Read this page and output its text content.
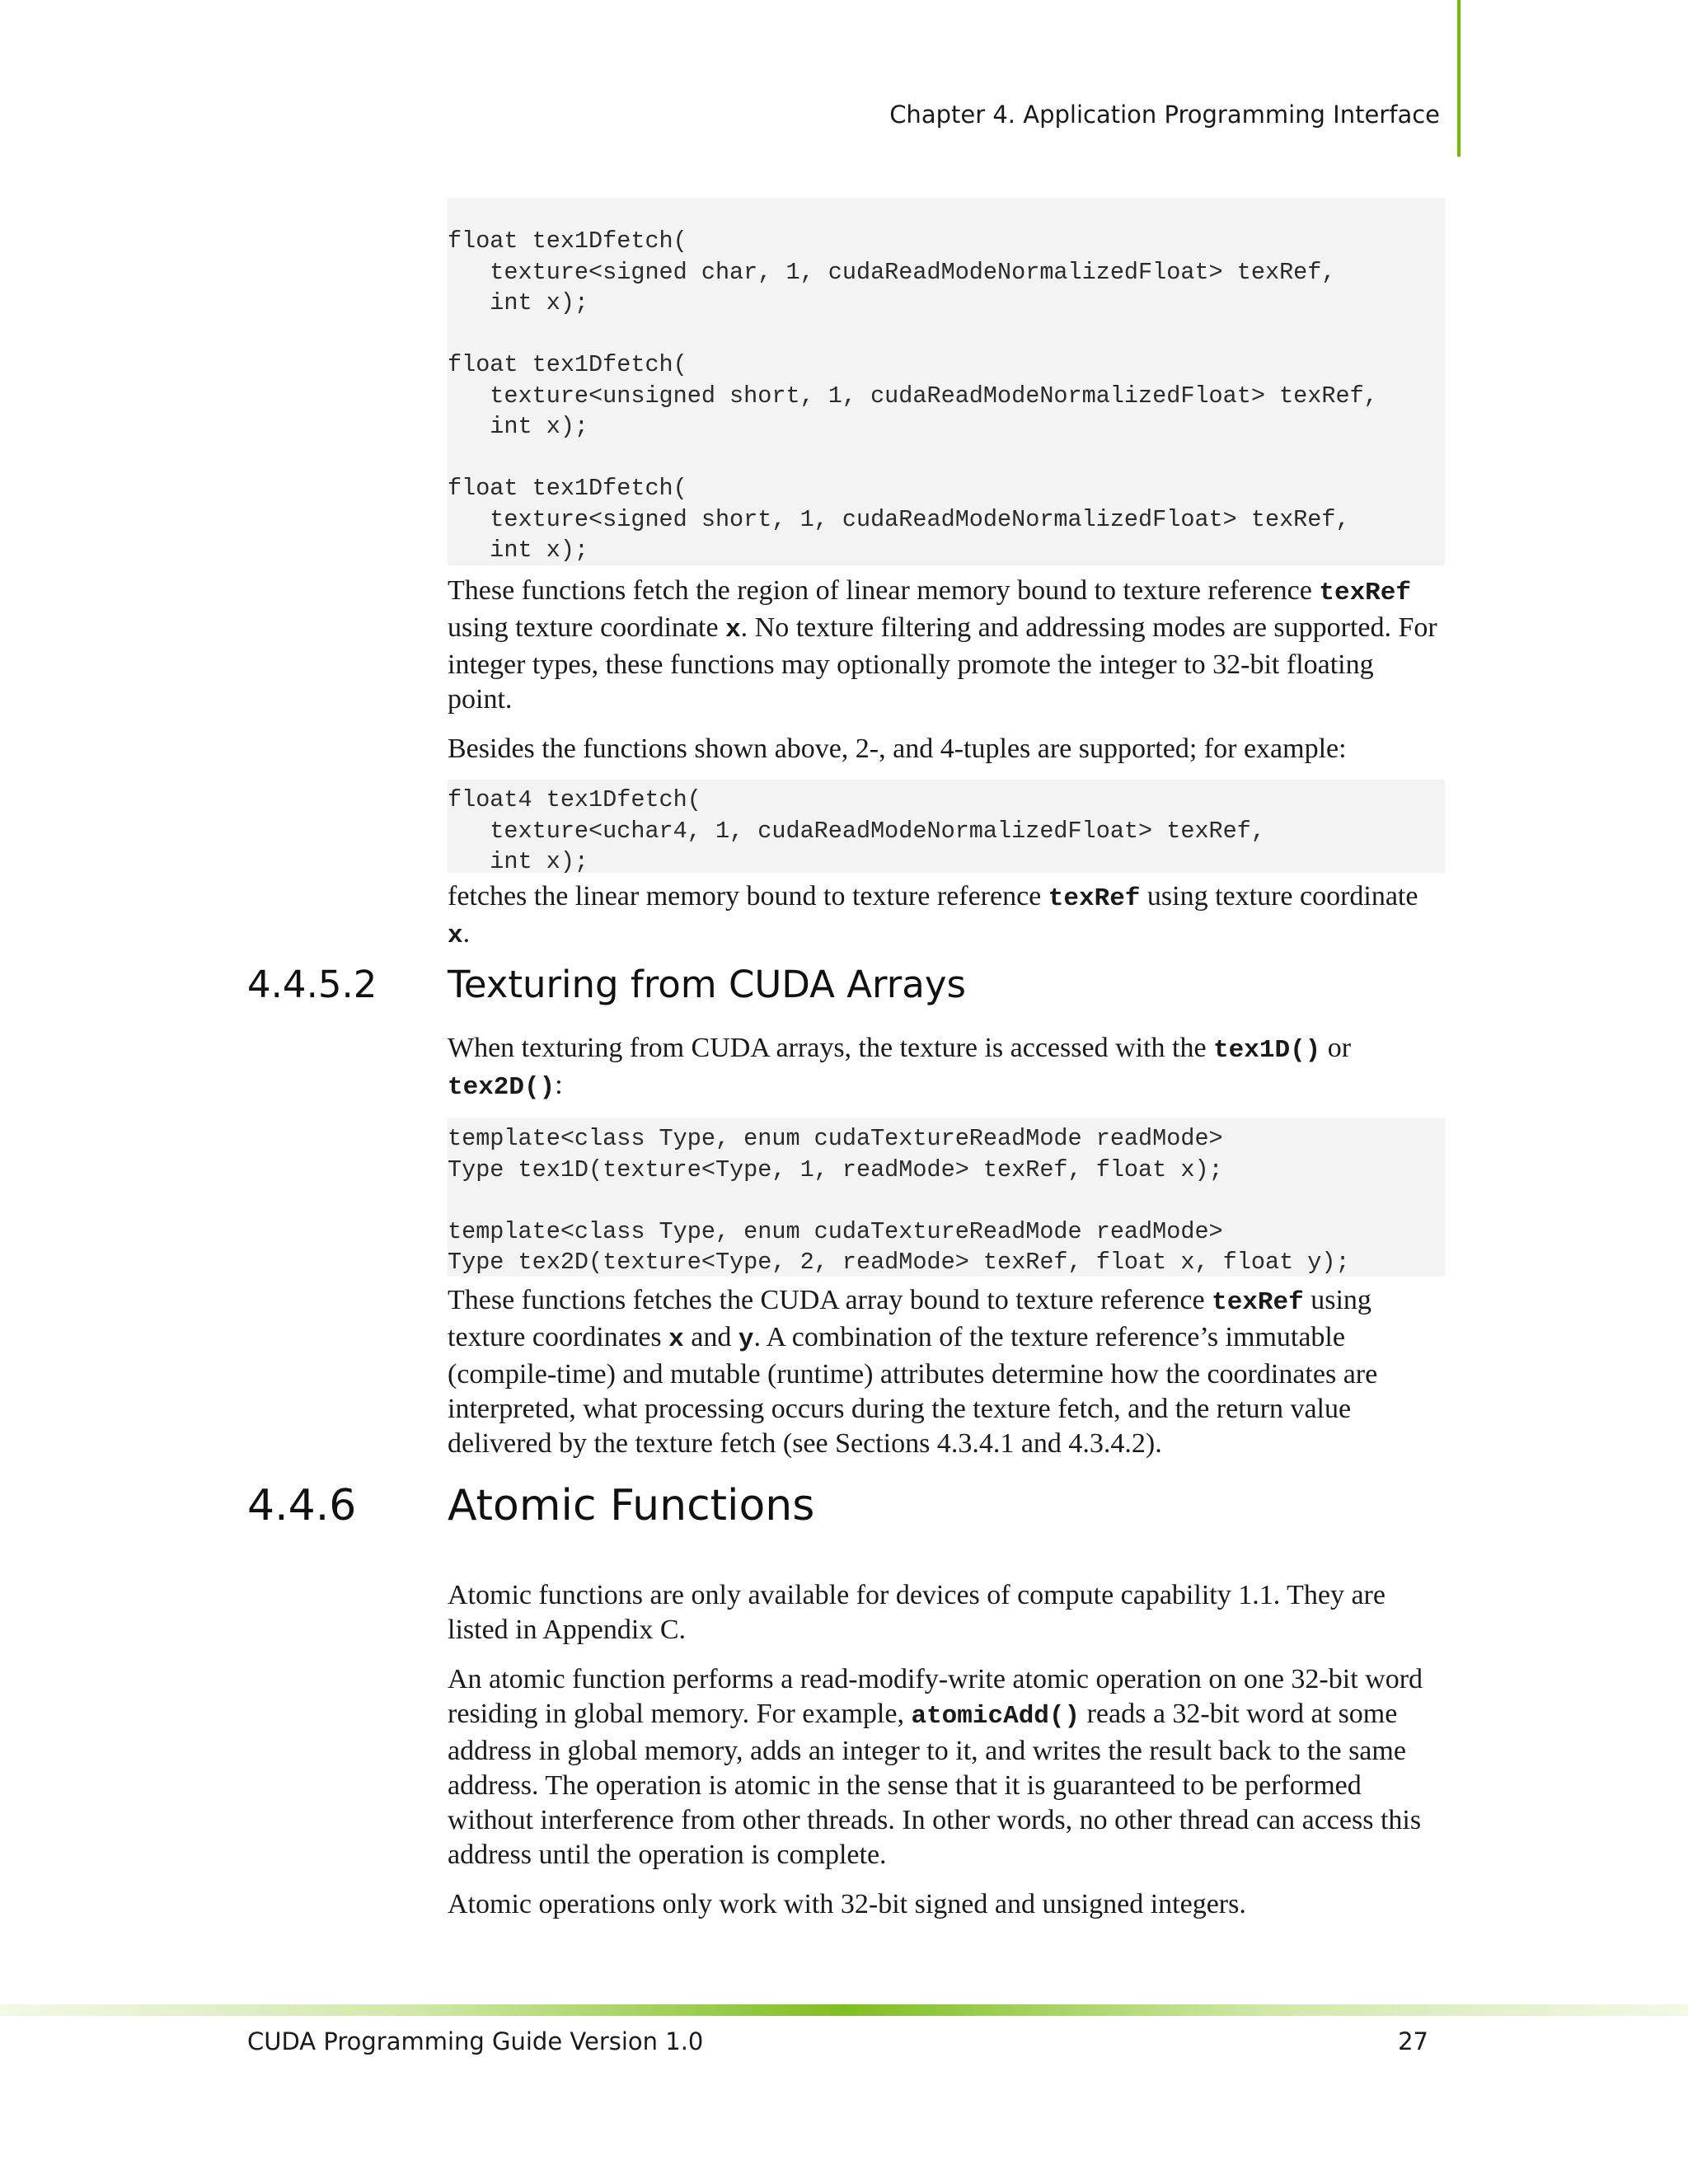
Chapter 4. Application Programming Interface
float tex1Dfetch(
texture<signed char, 1, cudaReadModeNormalizedFloat> texRef,
int x);

float tex1Dfetch(
texture<unsigned short, 1, cudaReadModeNormalizedFloat> texRef,
int x);

float tex1Dfetch(
texture<signed short, 1, cudaReadModeNormalizedFloat> texRef,
int x);

These functions fetch the region of linear memory bound to texture reference texRef using texture coordinate x. No texture filtering and addressing modes are supported. For integer types, these functions may optionally promote the integer to 32-bit floating point.

Besides the functions shown above, 2-, and 4-tuples are supported; for example:

float4 tex1Dfetch(
texture<uchar4, 1, cudaReadModeNormalizedFloat> texRef,
int x);

fetches the linear memory bound to texture reference texRef using texture coordinate x.

When texturing from CUDA arrays, the texture is accessed with the tex1D() or tex2D():

template<class Type, enum cudaTextureReadMode readMode>
Type tex1D(texture<Type, 1, readMode> texRef, float x);

template<class Type, enum cudaTextureReadMode readMode>
Type tex2D(texture<Type, 2, readMode> texRef, float x, float y);

These functions fetches the CUDA array bound to texture reference texRef using texture coordinates x and y. A combination of the texture reference’s immutable (compile-time) and mutable (runtime) attributes determine how the coordinates are interpreted, what processing occurs during the texture fetch, and the return value delivered by the texture fetch (see Sections 4.3.4.1 and 4.3.4.2).

Atomic functions are only available for devices of compute capability 1.1. They are listed in Appendix C.

An atomic function performs a read-modify-write atomic operation on one 32-bit word residing in global memory. For example, atomicAdd() reads a 32-bit word at some address in global memory, adds an integer to it, and writes the result back to the same address. The operation is atomic in the sense that it is guaranteed to be performed without interference from other threads. In other words, no other thread can access this address until the operation is complete.

Atomic operations only work with 32-bit signed and unsigned integers.

4.4.5.2 Texturing from CUDA Arrays
4.4.6 Atomic Functions
CUDA Programming Guide Version 1.0	27
